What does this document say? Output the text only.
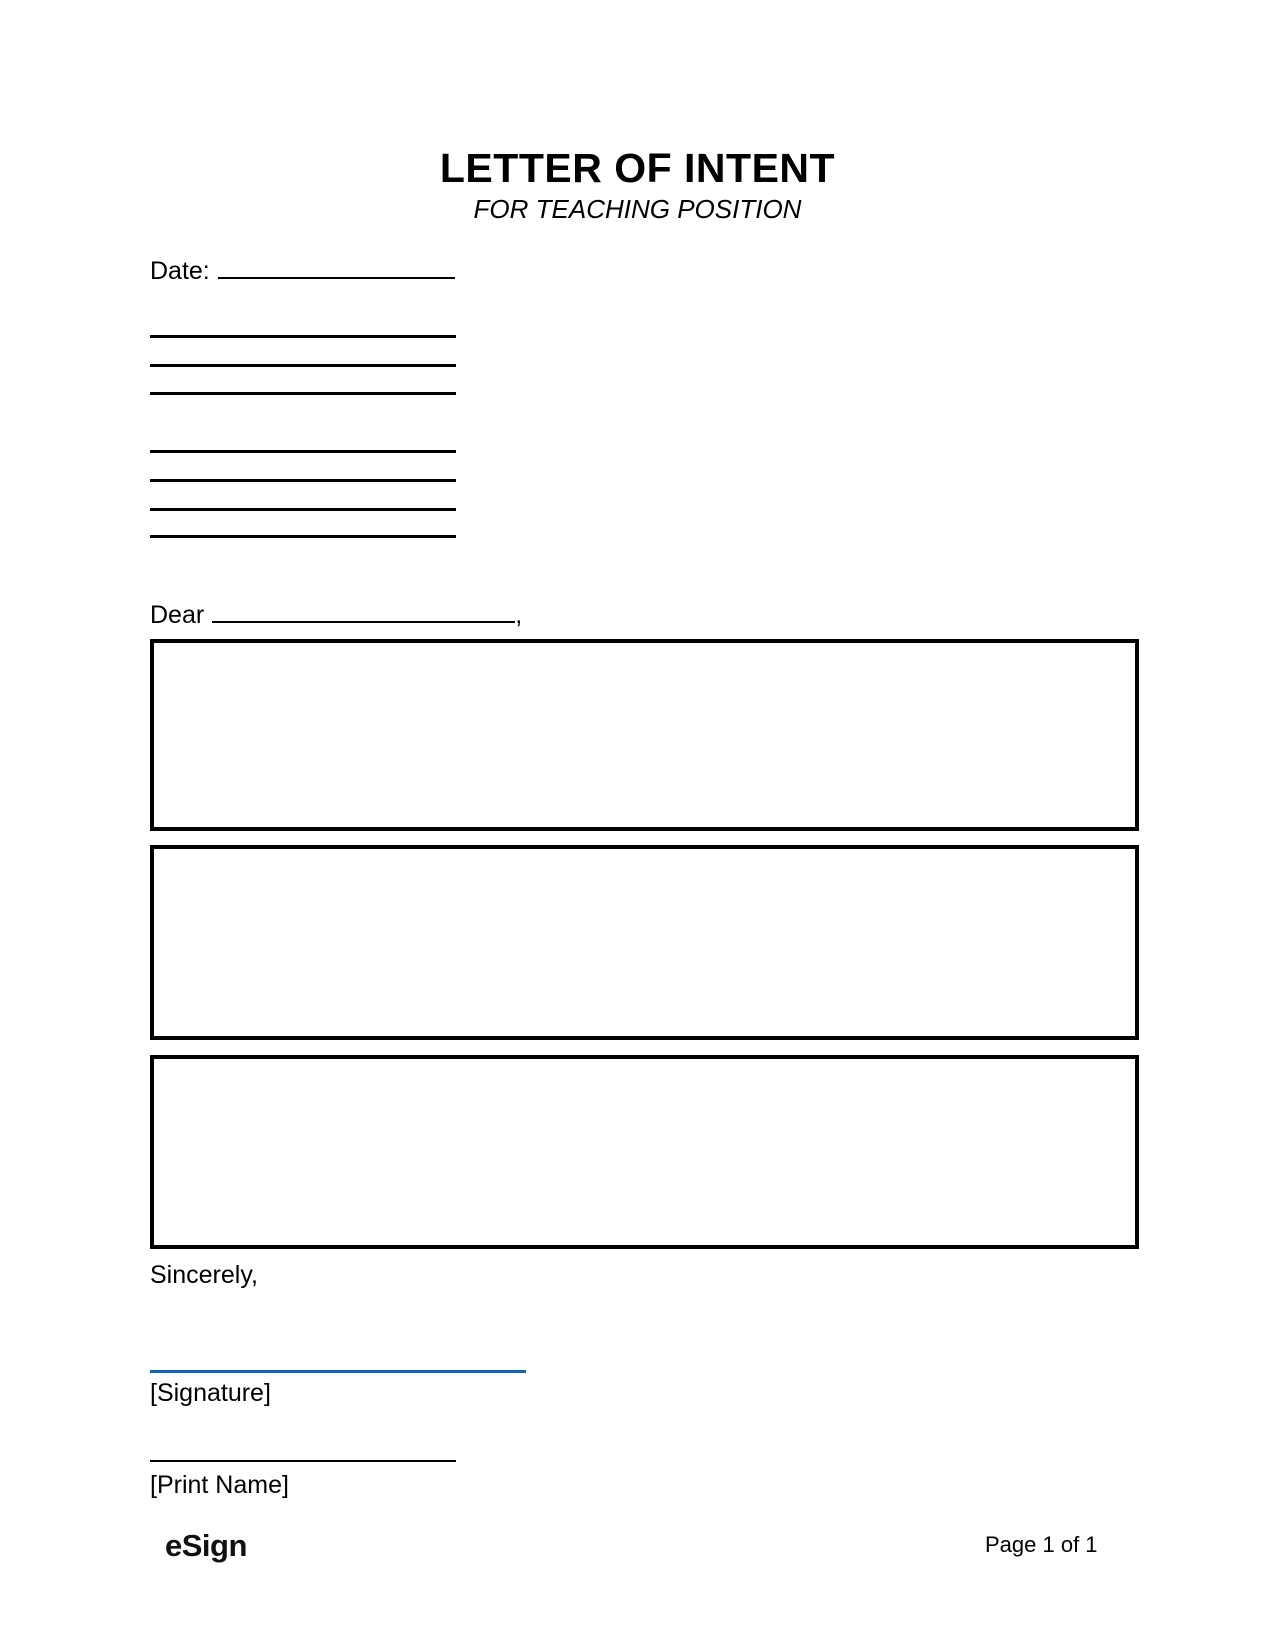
LETTER OF INTENT
FOR TEACHING POSITION
Date:
Dear	,
Sincerely,
[Signature]
[Print Name]
eSign	Page 1 of 1
